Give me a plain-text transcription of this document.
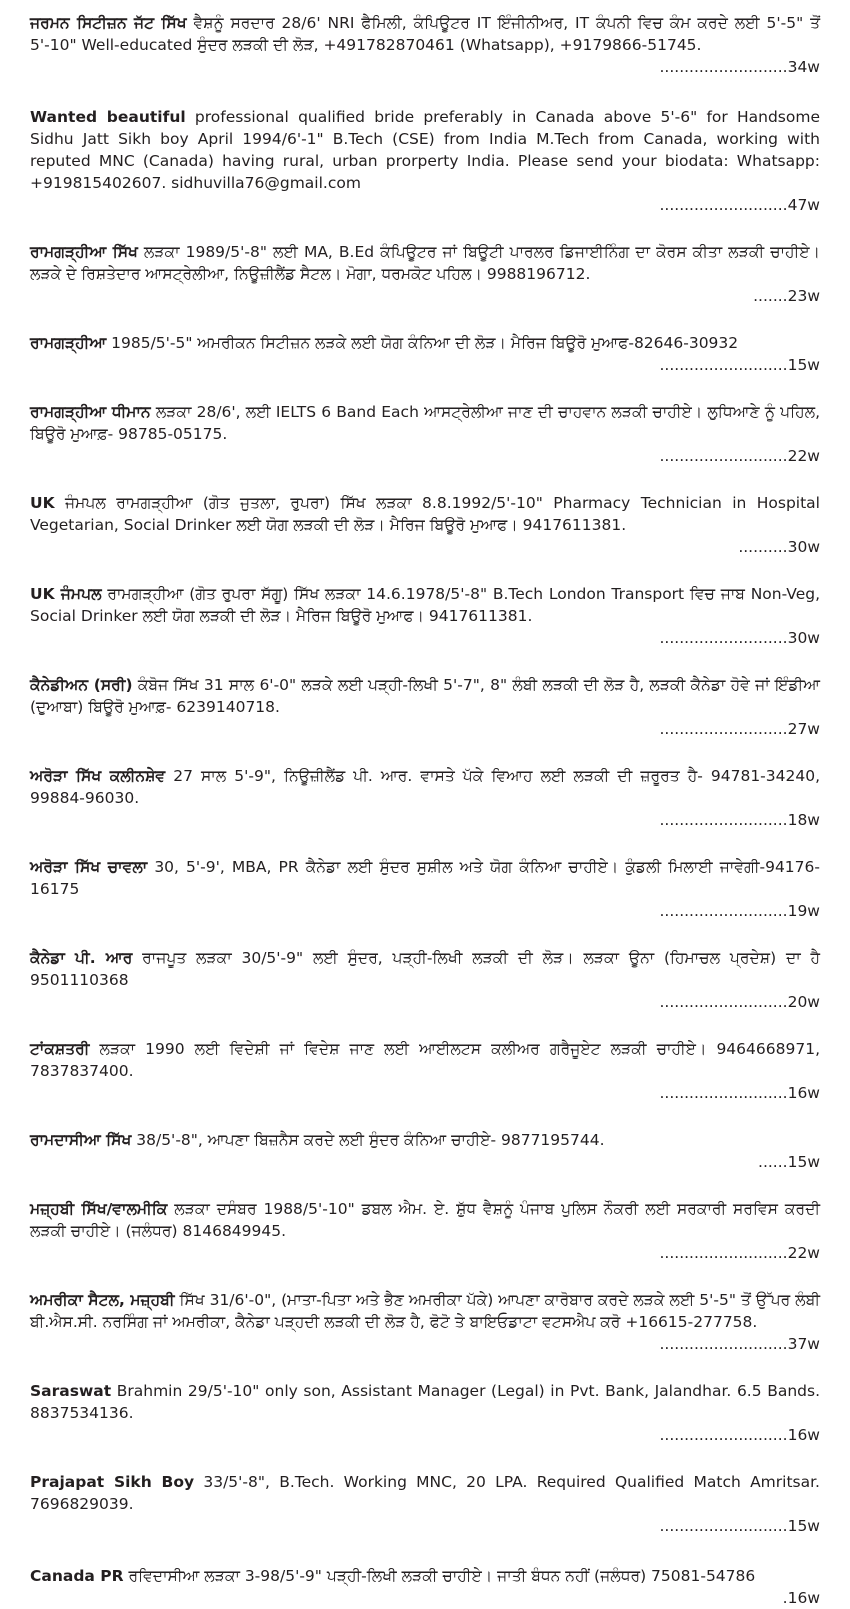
ਜਰਮਨ ਸਿਟੀਜ਼ਨ ਜੱਟ ਸਿੱਖ ਵੈਸ਼ਨੂੰ ਸਰਦਾਰ 28/6' NRI ਫੈਮਿਲੀ, ਕੰਪਿਊਟਰ IT ਇੰਜੀਨੀਅਰ, IT ਕੰਪਨੀ ਵਿਚ ਕੰਮ ਕਰਦੇ ਲਈ 5'-5" ਤੋਂ 5'-10" Well-educated ਸੁੰਦਰ ਲੜਕੀ ਦੀ ਲੋੜ, +491782870461 (Whatsapp), +9179866-51745.
..........................34w

Wanted beautiful professional qualified bride preferably in Canada above 5'-6" for Handsome Sidhu Jatt Sikh boy April 1994/6'-1" B.Tech (CSE) from India M.Tech from Canada, working with reputed MNC (Canada) having rural, urban prorperty India. Please send your biodata: Whatsapp: +919815402607. sidhuvilla76@gmail.com
..........................47w

ਰਾਮਗੜ੍ਹੀਆ ਸਿੱਖ ਲੜਕਾ 1989/5'-8" ਲਈ MA, B.Ed ਕੰਪਿਊਟਰ ਜਾਂ ਬਿਊਟੀ ਪਾਰਲਰ ਡਿਜਾਈਨਿੰਗ ਦਾ ਕੋਰਸ ਕੀਤਾ ਲੜਕੀ ਚਾਹੀਏ। ਲੜਕੇ ਦੇ ਰਿਸ਼ਤੇਦਾਰ ਆਸਟ੍ਰੇਲੀਆ, ਨਿਊਜ਼ੀਲੈਂਡ ਸੈਟਲ। ਮੋਗਾ, ਧਰਮਕੋਟ ਪਹਿਲ। 9988196712.
.......23w

ਰਾਮਗੜ੍ਹੀਆ 1985/5'-5" ਅਮਰੀਕਨ ਸਿਟੀਜ਼ਨ ਲੜਕੇ ਲਈ ਯੋਗ ਕੰਨਿਆ ਦੀ ਲੋੜ। ਮੈਰਿਜ ਬਿਊਰੋ ਮੁਆਫ-82646-30932
..........................15w

ਰਾਮਗੜ੍ਹੀਆ ਧੀਮਾਨ ਲੜਕਾ 28/6', ਲਈ IELTS 6 Band Each ਆਸਟ੍ਰੇਲੀਆ ਜਾਣ ਦੀ ਚਾਹਵਾਨ ਲੜਕੀ ਚਾਹੀਏ। ਲੁਧਿਆਣੇ ਨੂੰ ਪਹਿਲ, ਬਿਊਰੋ ਮੁਆਫ਼- 98785-05175.
..........................22w

UK ਜੰਮਪਲ ਰਾਮਗੜ੍ਹੀਆ (ਗੋਤ ਜੁਤਲਾ, ਰੁਪਰਾ) ਸਿੱਖ ਲੜਕਾ 8.8.1992/5'-10" Pharmacy Technician in Hospital Vegetarian, Social Drinker ਲਈ ਯੋਗ ਲੜਕੀ ਦੀ ਲੋੜ। ਮੈਰਿਜ ਬਿਊਰੋ ਮੁਆਫ। 9417611381.
..........30w

UK ਜੰਮਪਲ ਰਾਮਗੜ੍ਹੀਆ (ਗੋਤ ਰੁਪਰਾ ਸੱਗੂ) ਸਿੱਖ ਲੜਕਾ 14.6.1978/5'-8" B.Tech London Transport ਵਿਚ ਜਾਬ Non-Veg, Social Drinker ਲਈ ਯੋਗ ਲੜਕੀ ਦੀ ਲੋੜ। ਮੈਰਿਜ ਬਿਊਰੋ ਮੁਆਫ। 9417611381.
..........................30w

ਕੈਨੇਡੀਅਨ (ਸਰੀ) ਕੰਬੋਜ ਸਿੱਖ 31 ਸਾਲ 6'-0" ਲੜਕੇ ਲਈ ਪੜ੍ਹੀ-ਲਿਖੀ 5'-7", 8" ਲੰਬੀ ਲੜਕੀ ਦੀ ਲੋੜ ਹੈ, ਲੜਕੀ ਕੈਨੇਡਾ ਹੋਵੇ ਜਾਂ ਇੰਡੀਆ (ਦੁਆਬਾ) ਬਿਊਰੋ ਮੁਆਫ਼- 6239140718.
..........................27w

ਅਰੋੜਾ ਸਿੱਖ ਕਲੀਨਸ਼ੇਵ 27 ਸਾਲ 5'-9", ਨਿਊਜ਼ੀਲੈਂਡ ਪੀ. ਆਰ. ਵਾਸਤੇ ਪੱਕੇ ਵਿਆਹ ਲਈ ਲੜਕੀ ਦੀ ਜ਼ਰੂਰਤ ਹੈ- 94781-34240, 99884-96030.
..........................18w

ਅਰੋੜਾ ਸਿੱਖ ਚਾਵਲਾ 30, 5'-9', MBA, PR ਕੈਨੇਡਾ ਲਈ ਸੁੰਦਰ ਸੁਸ਼ੀਲ ਅਤੇ ਯੋਗ ਕੰਨਿਆ ਚਾਹੀਏ। ਕੁੰਡਲੀ ਮਿਲਾਈ ਜਾਵੇਗੀ-94176-16175
..........................19w

ਕੈਨੇਡਾ ਪੀ. ਆਰ ਰਾਜਪੂਤ ਲੜਕਾ 30/5'-9" ਲਈ ਸੁੰਦਰ, ਪੜ੍ਹੀ-ਲਿਖੀ ਲੜਕੀ ਦੀ ਲੋੜ। ਲੜਕਾ ਊਨਾ (ਹਿਮਾਚਲ ਪ੍ਰਦੇਸ਼) ਦਾ ਹੈ 9501110368
..........................20w

ਟਾਂਕਸ਼ਤਰੀ ਲੜਕਾ 1990 ਲਈ ਵਿਦੇਸ਼ੀ ਜਾਂ ਵਿਦੇਸ਼ ਜਾਣ ਲਈ ਆਈਲਟਸ ਕਲੀਅਰ ਗਰੈਜੂਏਟ ਲੜਕੀ ਚਾਹੀਏ। 9464668971, 7837837400.
..........................16w

ਰਾਮਦਾਸੀਆ ਸਿੱਖ 38/5'-8", ਆਪਣਾ ਬਿਜ਼ਨੈਸ ਕਰਦੇ ਲਈ ਸੁੰਦਰ ਕੰਨਿਆ ਚਾਹੀਏ- 9877195744.
......15w

ਮਜ਼੍ਹਬੀ ਸਿੱਖ/ਵਾਲਮੀਕਿ ਲੜਕਾ ਦਸੰਬਰ 1988/5'-10" ਡਬਲ ਐਮ. ਏ. ਸ਼ੁੱਧ ਵੈਸ਼ਨੂੰ ਪੰਜਾਬ ਪੁਲਿਸ ਨੌਕਰੀ ਲਈ ਸਰਕਾਰੀ ਸਰਵਿਸ ਕਰਦੀ ਲੜਕੀ ਚਾਹੀਏ। (ਜਲੰਧਰ) 8146849945.
..........................22w

ਅਮਰੀਕਾ ਸੈਟਲ, ਮਜ਼੍ਹਬੀ ਸਿੱਖ 31/6'-0", (ਮਾਤਾ-ਪਿਤਾ ਅਤੇ ਭੈਣ ਅਮਰੀਕਾ ਪੱਕੇ) ਆਪਣਾ ਕਾਰੋਬਾਰ ਕਰਦੇ ਲੜਕੇ ਲਈ 5'-5" ਤੋਂ ਉੱਪਰ ਲੰਬੀ ਬੀ.ਐਸ.ਸੀ. ਨਰਸਿੰਗ ਜਾਂ ਅਮਰੀਕਾ, ਕੈਨੇਡਾ ਪੜ੍ਹਦੀ ਲੜਕੀ ਦੀ ਲੋੜ ਹੈ, ਫੋਟੋ ਤੇ ਬਾਇਓਡਾਟਾ ਵਟਸਐਪ ਕਰੋ +16615-277758.
..........................37w

Saraswat Brahmin 29/5'-10" only son, Assistant Manager (Legal) in Pvt. Bank, Jalandhar. 6.5 Bands. 8837534136.
..........................16w

Prajapat Sikh Boy 33/5'-8", B.Tech. Working MNC, 20 LPA. Required Qualified Match Amritsar. 7696829039.
..........................15w

Canada PR ਰਵਿਦਾਸੀਆ ਲੜਕਾ 3-98/5'-9" ਪੜ੍ਹੀ-ਲਿਖੀ ਲੜਕੀ ਚਾਹੀਏ। ਜਾਤੀ ਬੰਧਨ ਨਹੀਂ (ਜਲੰਧਰ) 75081-54786
.16w
